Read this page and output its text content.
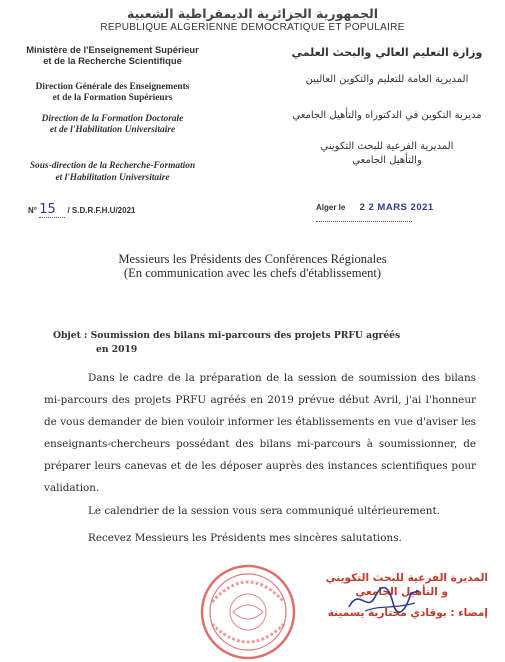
الجمهورية الجزائرية الديمقراطية الشعبية
REPUBLIQUE ALGERIENNE DEMOCRATIQUE ET POPULAIRE
Ministère de l'Enseignement Supérieur
et de la Recherche Scientifique
Direction Générale des Enseignements
et de la Formation Supérieurs
Direction de la Formation Doctorale
et de l'Habilitation Universitaire
Sous-direction de la Recherche-Formation
et l'Habilitation Universitaire
وزارة التعليم العالي والبحث العلمي
المديرية العامة للتعليم والتكوين العاليين
مديرية التكوين في الدكتوراه والتأهيل الجامعي
المديرية الفرعية للبحث التكويني
والتأهيل الجامعي
N° 15 / S.D.R.F.H.U/2021	Alger le 2 2 MARS 2021
Messieurs les Présidents des Conférences Régionales
(En communication avec les chefs d'établissement)
Objet : Soumission des bilans mi-parcours des projets PRFU agréés
en 2019
Dans le cadre de la préparation de la session de soumission des bilans mi-parcours des projets PRFU agréés en 2019 prévue début Avril, j'ai l'honneur de vous demander de bien vouloir informer les établissements en vue d'aviser les enseignants-chercheurs possédant des bilans mi-parcours à soumissionner, de préparer leurs canevas et de les déposer auprès des instances scientifiques pour validation.
Le calendrier de la session vous sera communiqué ultérieurement.
Recevez Messieurs les Présidents mes sincères salutations.
المديرة الفرعية للبحث التكويني
و التأهيل الجامعي
إمضاء : بوقادي مختارية يسمينة
